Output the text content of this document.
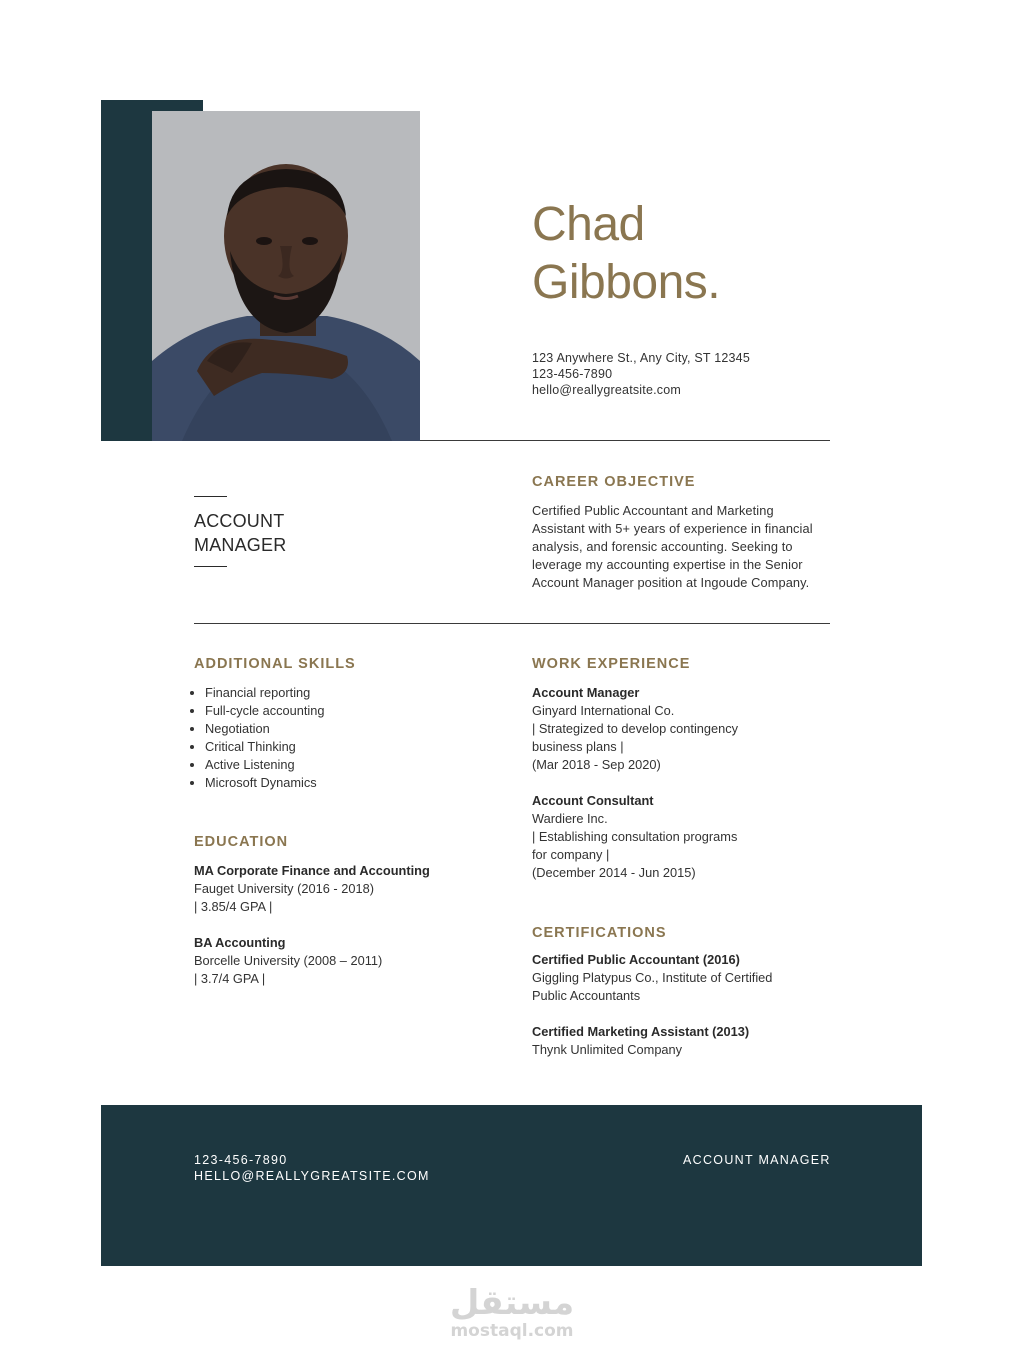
Chad
Gibbons.
123 Anywhere St., Any City, ST 12345
123-456-7890
hello@reallygreatsite.com
ACCOUNT
MANAGER
CAREER OBJECTIVE
Certified Public Accountant and Marketing
Assistant with 5+ years of experience in financial
analysis, and forensic accounting. Seeking to
leverage my accounting expertise in the Senior
Account Manager position at Ingoude Company.
ADDITIONAL SKILLS
• Financial reporting
• Full-cycle accounting
• Negotiation
• Critical Thinking
• Active Listening
• Microsoft Dynamics
EDUCATION
MA Corporate Finance and Accounting
Fauget University (2016 - 2018)
| 3.85/4 GPA |
BA Accounting
Borcelle University (2008 – 2011)
| 3.7/4 GPA |
WORK EXPERIENCE
Account Manager
Ginyard International Co.
| Strategized to develop contingency
business plans |
(Mar 2018 - Sep 2020)
Account Consultant
Wardiere Inc.
| Establishing consultation programs
for company |
(December 2014 - Jun 2015)
CERTIFICATIONS
Certified Public Accountant (2016)
Giggling Platypus Co., Institute of Certified
Public Accountants
Certified Marketing Assistant (2013)
Thynk Unlimited Company
123-456-7890
HELLO@REALLYGREATSITE.COM
ACCOUNT MANAGER
مستقل
mostaql.com
